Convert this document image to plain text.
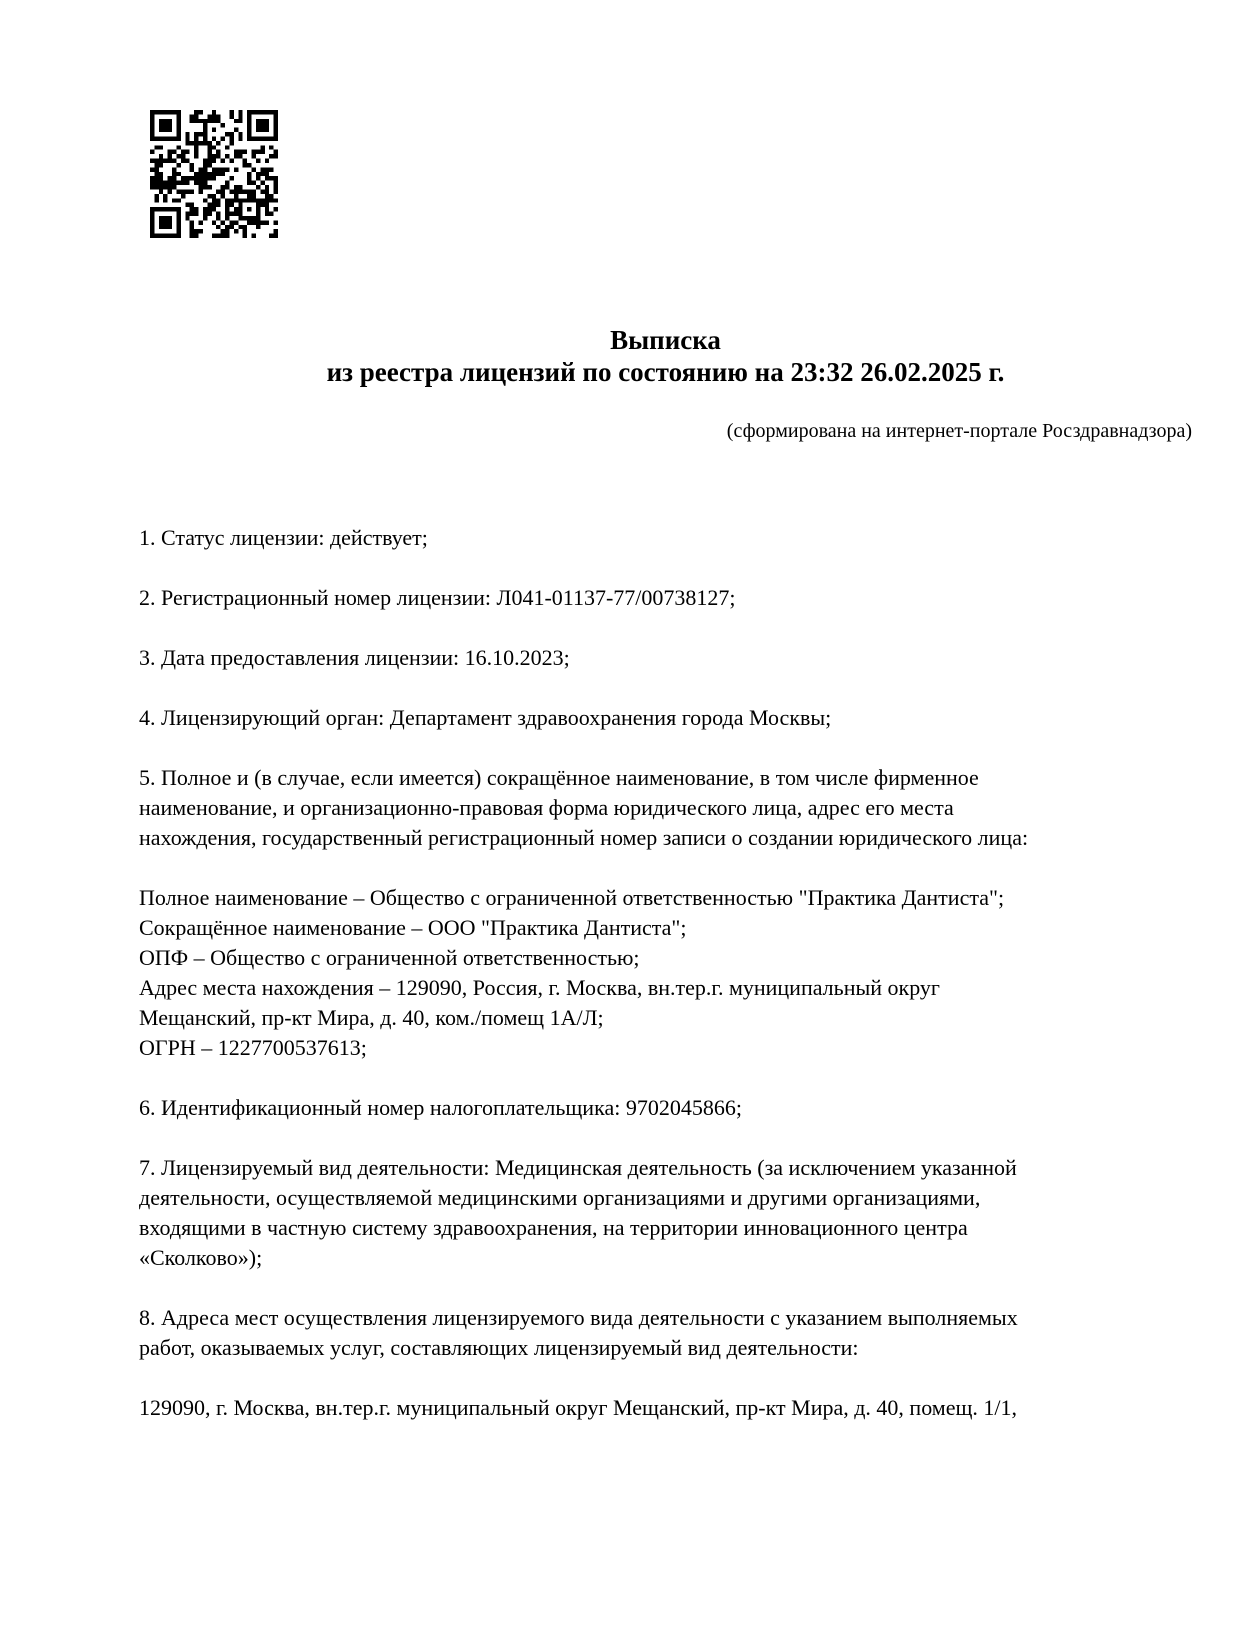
Выписка
из реестра лицензий по состоянию на 23:32 26.02.2025 г.
(сформирована на интернет-портале Росздравнадзора)
1. Статус лицензии: действует;
2. Регистрационный номер лицензии: Л041-01137-77/00738127;
3. Дата предоставления лицензии: 16.10.2023;
4. Лицензирующий орган: Департамент здравоохранения города Москвы;
5. Полное и (в случае, если имеется) сокращённое наименование, в том числе фирменное
наименование, и организационно-правовая форма юридического лица, адрес его места
нахождения, государственный регистрационный номер записи о создании юридического лица:
Полное наименование – Общество с ограниченной ответственностью "Практика Дантиста";
Сокращённое наименование – ООО "Практика Дантиста";
ОПФ – Общество с ограниченной ответственностью;
Адрес места нахождения – 129090, Россия, г. Москва, вн.тер.г. муниципальный округ
Мещанский, пр-кт Мира, д. 40, ком./помещ 1А/Л;
ОГРН – 1227700537613;
6. Идентификационный номер налогоплательщика: 9702045866;
7. Лицензируемый вид деятельности: Медицинская деятельность (за исключением указанной
деятельности, осуществляемой медицинскими организациями и другими организациями,
входящими в частную систему здравоохранения, на территории инновационного центра
«Сколково»);
8. Адреса мест осуществления лицензируемого вида деятельности с указанием выполняемых
работ, оказываемых услуг, составляющих лицензируемый вид деятельности:
129090, г. Москва, вн.тер.г. муниципальный округ Мещанский, пр-кт Мира, д. 40, помещ. 1/1,
